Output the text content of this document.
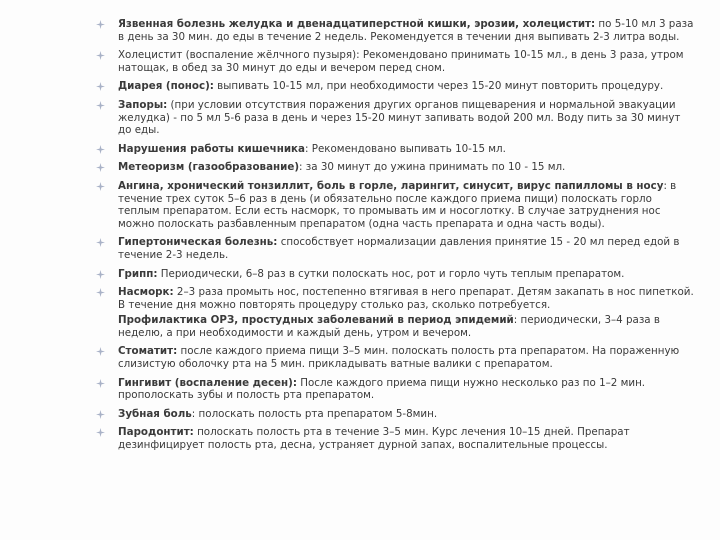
Язвенная болезнь желудка и двенадцатиперстной кишки, эрозии, холецистит: по 5-10 мл 3 раза в день за 30 мин. до еды в течение 2 недель. Рекомендуется в течении дня выпивать 2-3 литра воды.
Холецистит (воспаление жёлчного пузыря): Рекомендовано принимать 10-15 мл., в день 3 раза, утром натощак, в обед за 30 минут до еды и вечером перед сном.
Диарея (понос): выпивать 10-15 мл, при необходимости через 15-20 минут повторить процедуру.
Запоры: (при условии отсутствия поражения других органов пищеварения и нормальной эвакуации желудка) - по 5 мл 5-6 раза в день и через 15-20 минут запивать водой 200 мл. Воду пить за 30 минут до еды.
Нарушения работы кишечника: Рекомендовано выпивать 10-15 мл.
Метеоризм (газообразование): за 30 минут до ужина принимать по 10 - 15 мл.
Ангина, хронический тонзиллит, боль в горле, ларингит, синусит, вирус папилломы в носу: в течение трех суток 5–6 раз в день (и обязательно после каждого приема пищи) полоскать горло теплым препаратом. Если есть насморк, то промывать им и носоглотку. В случае затруднения нос можно полоскать разбавленным препаратом (одна часть препарата и одна часть воды).
Гипертоническая болезнь: способствует нормализации давления принятие 15 - 20 мл перед едой в течение 2-3 недель.
Грипп: Периодически, 6–8 раз в сутки полоскать нос, рот и горло чуть теплым препаратом.
Насморк: 2–3 раза промыть нос, постепенно втягивая в него препарат. Детям закапать в нос пипеткой. В течение дня можно повторять процедуру столько раз, сколько потребуется.
Профилактика ОРЗ, простудных заболеваний в период эпидемий: периодически, 3–4 раза в неделю, а при необходимости и каждый день, утром и вечером.
Стоматит: после каждого приема пищи 3–5 мин. полоскать полость рта препаратом. На пораженную слизистую оболочку рта на 5 мин. прикладывать ватные валики с препаратом.
Гингивит (воспаление десен): После каждого приема пищи нужно несколько раз по 1–2 мин. прополоскать зубы и полость рта препаратом.
Зубная боль: полоскать полость рта препаратом 5-8мин.
Пародонтит: полоскать полость рта в течение 3–5 мин. Курс лечения 10–15 дней. Препарат дезинфицирует полость рта, десна, устраняет дурной запах, воспалительные процессы.
